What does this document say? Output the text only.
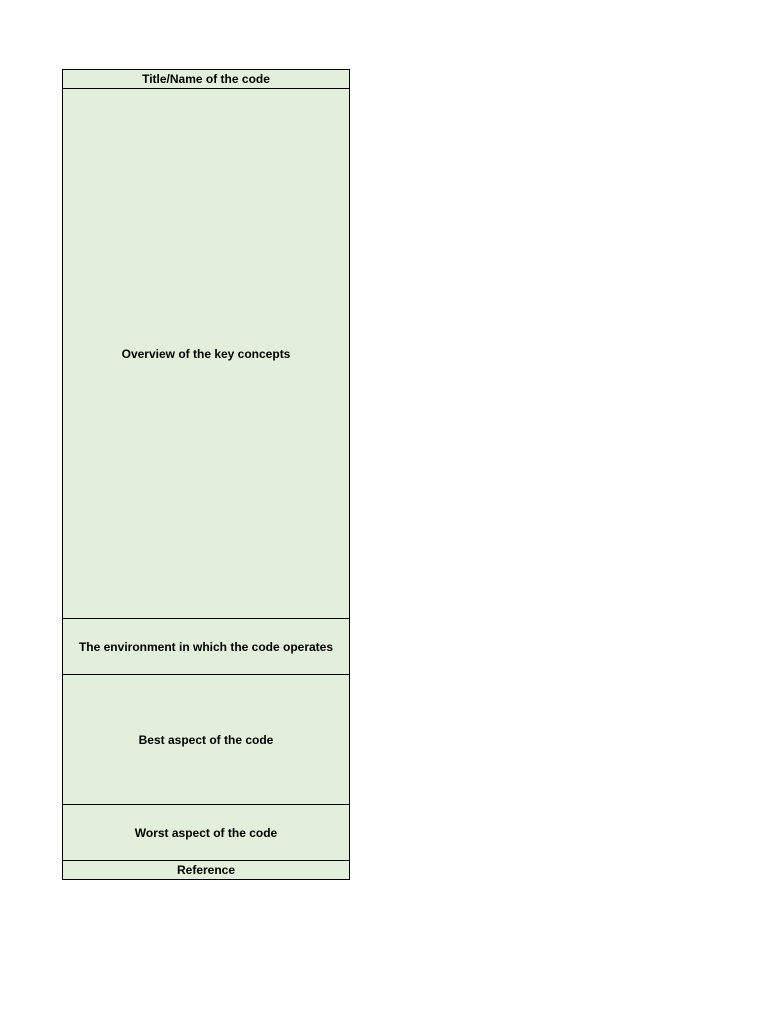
Title/Name of the code
Overview of the key concepts
The environment in which the code operates
Best aspect of the code
Worst aspect of the code
Reference
